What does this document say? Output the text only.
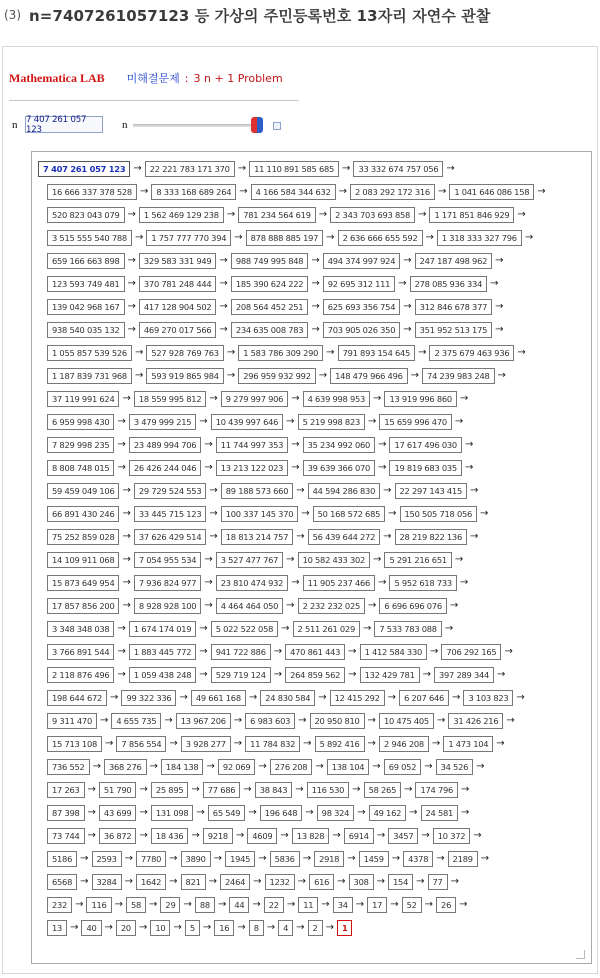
(3) n=7407261057123 등 가상의 주민등록번호 13자리 자연수 관찰
Mathematica LAB 미해결문제 : 3 n + 1 Problem
n 7 407 261 057 123	n
7 407 261 057 123 → 22 221 783 171 370 → 11 110 891 585 685 → 33 332 674 757 056 →
16 666 337 378 528 → 8 333 168 689 264 → 4 166 584 344 632 → 2 083 292 172 316 → 1 041 646 086 158 →
520 823 043 079 → 1 562 469 129 238 → 781 234 564 619 → 2 343 703 693 858 → 1 171 851 846 929 →
3 515 555 540 788 → 1 757 777 770 394 → 878 888 885 197 → 2 636 666 655 592 → 1 318 333 327 796 →
659 166 663 898 → 329 583 331 949 → 988 749 995 848 → 494 374 997 924 → 247 187 498 962 →
123 593 749 481 → 370 781 248 444 → 185 390 624 222 → 92 695 312 111 → 278 085 936 334 →
139 042 968 167 → 417 128 904 502 → 208 564 452 251 → 625 693 356 754 → 312 846 678 377 →
938 540 035 132 → 469 270 017 566 → 234 635 008 783 → 703 905 026 350 → 351 952 513 175 →
1 055 857 539 526 → 527 928 769 763 → 1 583 786 309 290 → 791 893 154 645 → 2 375 679 463 936 →
1 187 839 731 968 → 593 919 865 984 → 296 959 932 992 → 148 479 966 496 → 74 239 983 248 →
37 119 991 624 → 18 559 995 812 → 9 279 997 906 → 4 639 998 953 → 13 919 996 860 →
6 959 998 430 → 3 479 999 215 → 10 439 997 646 → 5 219 998 823 → 15 659 996 470 →
7 829 998 235 → 23 489 994 706 → 11 744 997 353 → 35 234 992 060 → 17 617 496 030 →
8 808 748 015 → 26 426 244 046 → 13 213 122 023 → 39 639 366 070 → 19 819 683 035 →
59 459 049 106 → 29 729 524 553 → 89 188 573 660 → 44 594 286 830 → 22 297 143 415 →
66 891 430 246 → 33 445 715 123 → 100 337 145 370 → 50 168 572 685 → 150 505 718 056 →
75 252 859 028 → 37 626 429 514 → 18 813 214 757 → 56 439 644 272 → 28 219 822 136 →
14 109 911 068 → 7 054 955 534 → 3 527 477 767 → 10 582 433 302 → 5 291 216 651 →
15 873 649 954 → 7 936 824 977 → 23 810 474 932 → 11 905 237 466 → 5 952 618 733 →
17 857 856 200 → 8 928 928 100 → 4 464 464 050 → 2 232 232 025 → 6 696 696 076 →
3 348 348 038 → 1 674 174 019 → 5 022 522 058 → 2 511 261 029 → 7 533 783 088 →
3 766 891 544 → 1 883 445 772 → 941 722 886 → 470 861 443 → 1 412 584 330 → 706 292 165 →
2 118 876 496 → 1 059 438 248 → 529 719 124 → 264 859 562 → 132 429 781 → 397 289 344 →
198 644 672 → 99 322 336 → 49 661 168 → 24 830 584 → 12 415 292 → 6 207 646 → 3 103 823 →
9 311 470 → 4 655 735 → 13 967 206 → 6 983 603 → 20 950 810 → 10 475 405 → 31 426 216 →
15 713 108 → 7 856 554 → 3 928 277 → 11 784 832 → 5 892 416 → 2 946 208 → 1 473 104 →
736 552 → 368 276 → 184 138 → 92 069 → 276 208 → 138 104 → 69 052 → 34 526 →
17 263 → 51 790 → 25 895 → 77 686 → 38 843 → 116 530 → 58 265 → 174 796 →
87 398 → 43 699 → 131 098 → 65 549 → 196 648 → 98 324 → 49 162 → 24 581 →
73 744 → 36 872 → 18 436 → 9218 → 4609 → 13 828 → 6914 → 3457 → 10 372 →
5186 → 2593 → 7780 → 3890 → 1945 → 5836 → 2918 → 1459 → 4378 → 2189 →
6568 → 3284 → 1642 → 821 → 2464 → 1232 → 616 → 308 → 154 → 77 →
232 → 116 → 58 → 29 → 88 → 44 → 22 → 11 → 34 → 17 → 52 → 26 →
13 → 40 → 20 → 10 → 5 → 16 → 8 → 4 → 2 → 1
